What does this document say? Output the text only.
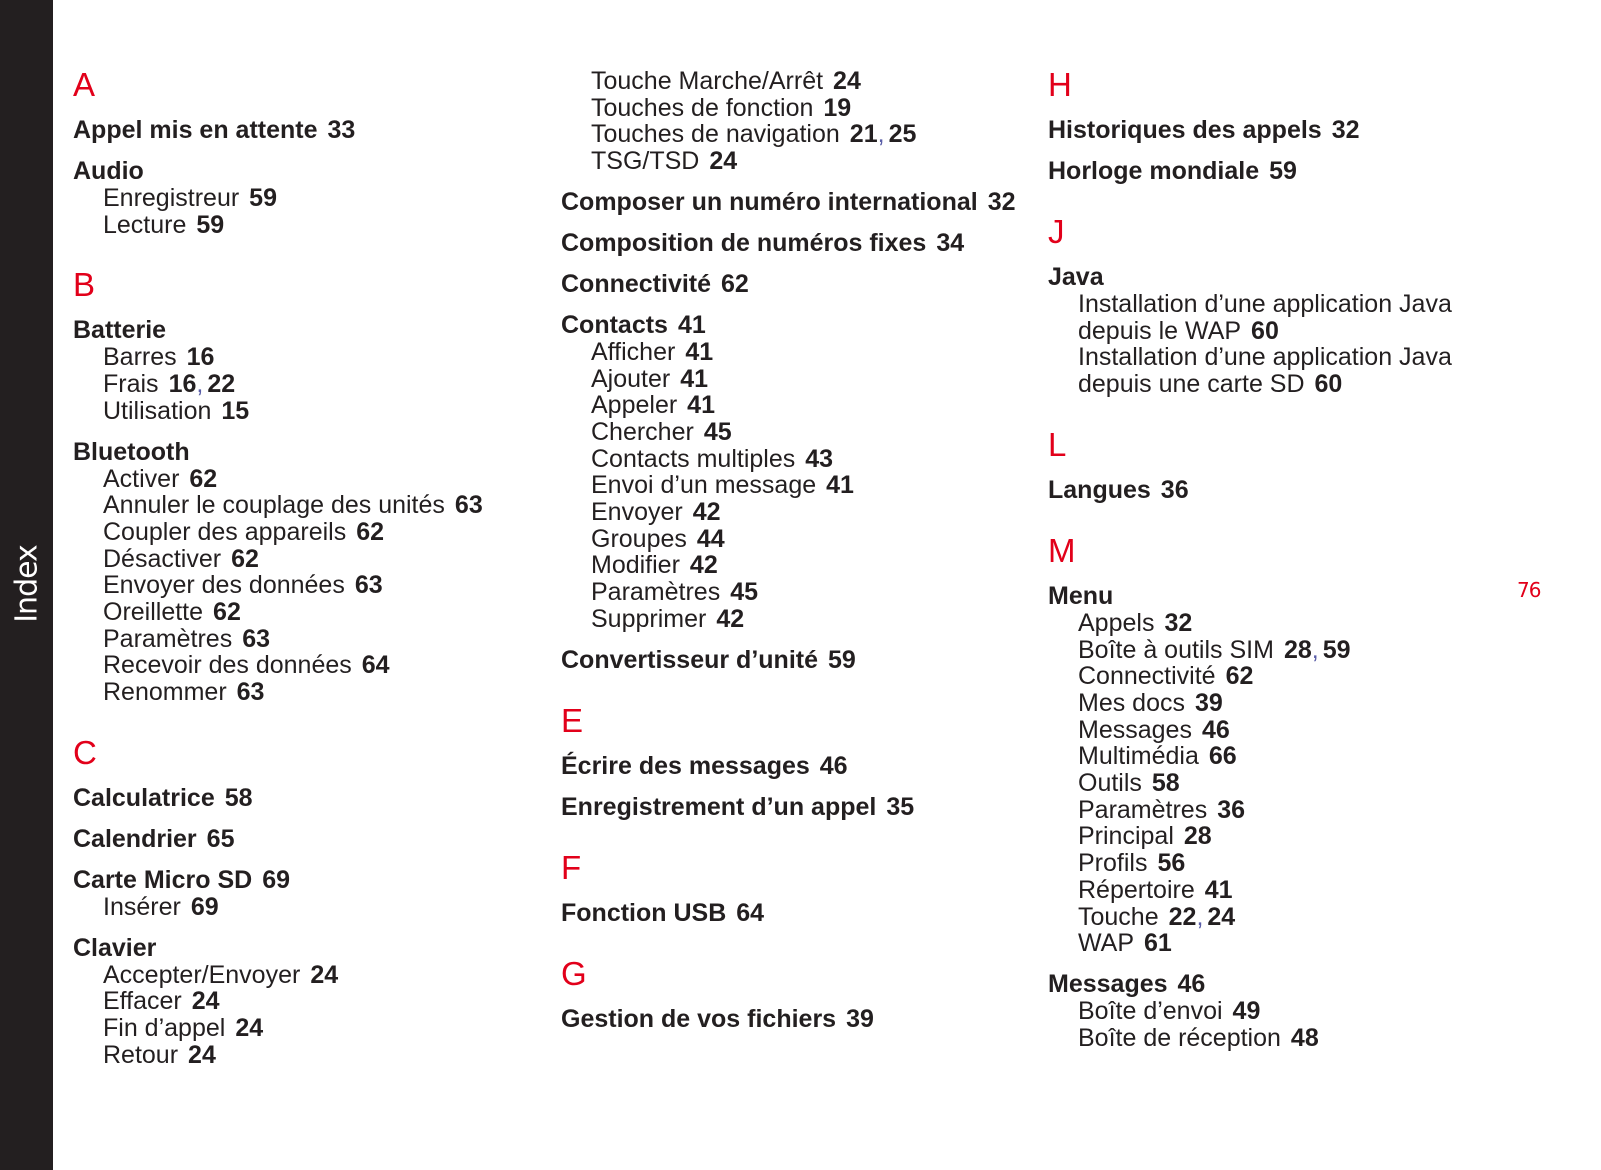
Index
A
Appel mis en attente 33
Audio
Enregistreur 59
Lecture 59
B
Batterie
Barres 16
Frais 16, 22
Utilisation 15
Bluetooth
Activer 62
Annuler le couplage des unités 63
Coupler des appareils 62
Désactiver 62
Envoyer des données 63
Oreillette 62
Paramètres 63
Recevoir des données 64
Renommer 63
C
Calculatrice 58
Calendrier 65
Carte Micro SD 69
Insérer 69
Clavier
Accepter/Envoyer 24
Effacer 24
Fin d’appel 24
Retour 24
Touche Marche/Arrêt 24
Touches de fonction 19
Touches de navigation 21, 25
TSG/TSD 24
Composer un numéro international 32
Composition de numéros fixes 34
Connectivité 62
Contacts 41
Afficher 41
Ajouter 41
Appeler 41
Chercher 45
Contacts multiples 43
Envoi d’un message 41
Envoyer 42
Groupes 44
Modifier 42
Paramètres 45
Supprimer 42
Convertisseur d’unité 59
E
Écrire des messages 46
Enregistrement d’un appel 35
F
Fonction USB 64
G
Gestion de vos fichiers 39
H
Historiques des appels 32
Horloge mondiale 59
J
Java
Installation d’une application Java depuis le WAP 60
Installation d’une application Java depuis une carte SD 60
L
Langues 36
M
Menu
Appels 32
Boîte à outils SIM 28, 59
Connectivité 62
Mes docs 39
Messages 46
Multimédia 66
Outils 58
Paramètres 36
Principal 28
Profils 56
Répertoire 41
Touche 22, 24
WAP 61
Messages 46
Boîte d’envoi 49
Boîte de réception 48
76
